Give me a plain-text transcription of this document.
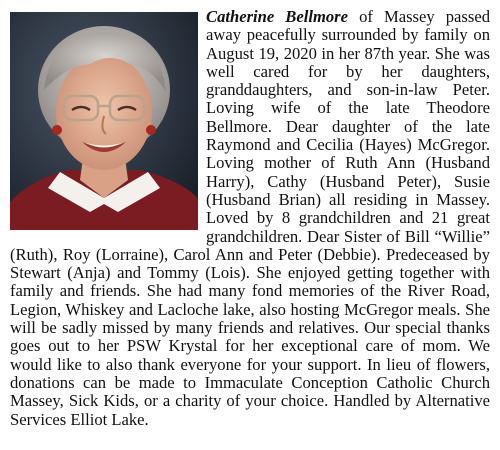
Catherine Bellmore of Massey passed away peacefully surrounded by family on August 19, 2020 in her 87th year. She was well cared for by her daughters, granddaughters, and son-in-law Peter. Loving wife of the late Theodore Bellmore. Dear daughter of the late Raymond and Cecilia (Hayes) McGregor. Loving mother of Ruth Ann (Husband Harry), Cathy (Husband Peter), Susie (Husband Brian) all residing in Massey. Loved by 8 grandchildren and 21 great grandchildren. Dear Sister of Bill “Willie” (Ruth), Roy (Lorraine), Carol Ann and Peter (Debbie). Predeceased by Stewart (Anja) and Tommy (Lois). She enjoyed getting together with family and friends. She had many fond memories of the River Road, Legion, Whiskey and Lacloche lake, also hosting McGregor meals. She will be sadly missed by many friends and relatives. Our special thanks goes out to her PSW Krystal for her exceptional care of mom. We would like to also thank everyone for your support. In lieu of flowers, donations can be made to Immaculate Conception Catholic Church Massey, Sick Kids, or a charity of your choice. Handled by Alternative Services Elliot Lake.
